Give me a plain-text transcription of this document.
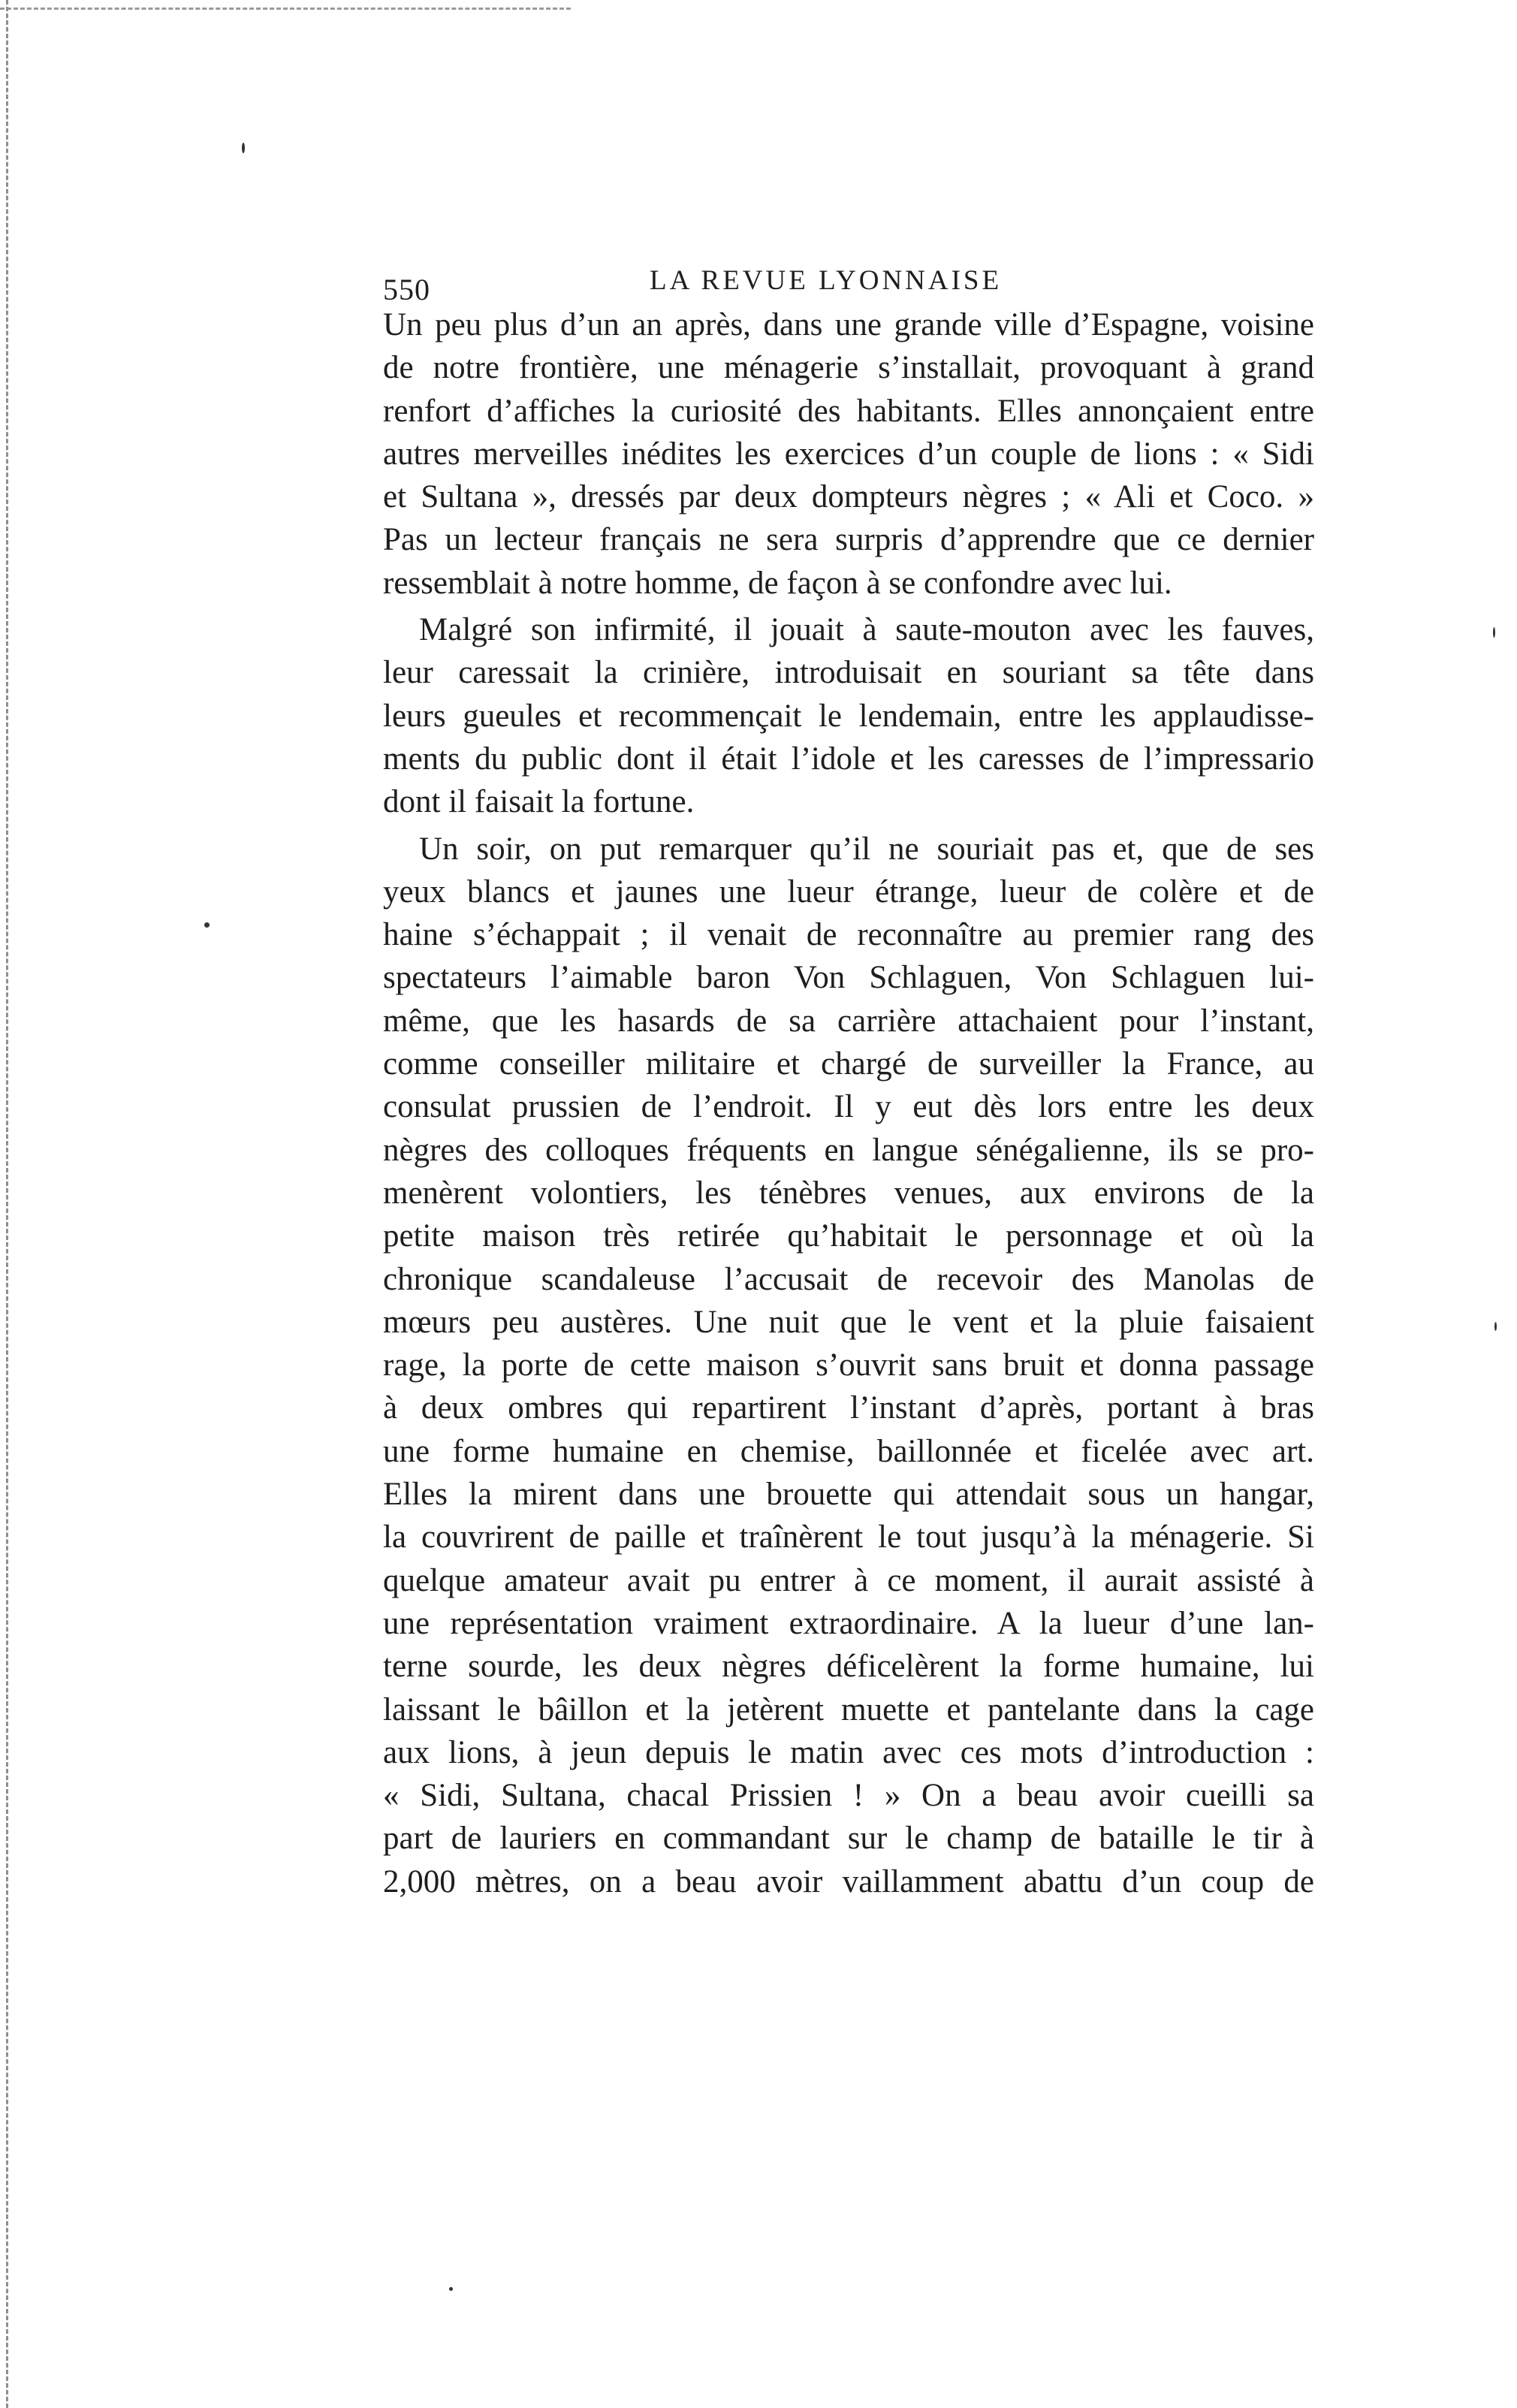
550	LA REVUE LYONNAISE

Un peu plus d’un an après, dans une grande ville d’Espagne, voisine
de notre frontière, une ménagerie s’installait, provoquant à grand
renfort d’affiches la curiosité des habitants. Elles annonçaient entre
autres merveilles inédites les exercices d’un couple de lions : « Sidi
et Sultana », dressés par deux dompteurs nègres ; « Ali et Coco. »
Pas un lecteur français ne sera surpris d’apprendre que ce dernier
ressemblait à notre homme, de façon à se confondre avec lui.

Malgré son infirmité, il jouait à saute-mouton avec les fauves,
leur caressait la crinière, introduisait en souriant sa tête dans
leurs gueules et recommençait le lendemain, entre les applaudisse-
ments du public dont il était l’idole et les caresses de l’impressario
dont il faisait la fortune.

Un soir, on put remarquer qu’il ne souriait pas et, que de ses
yeux blancs et jaunes une lueur étrange, lueur de colère et de
haine s’échappait ; il venait de reconnaître au premier rang des
spectateurs l’aimable baron Von Schlaguen, Von Schlaguen lui-
même, que les hasards de sa carrière attachaient pour l’instant,
comme conseiller militaire et chargé de surveiller la France, au
consulat prussien de l’endroit. Il y eut dès lors entre les deux
nègres des colloques fréquents en langue sénégalienne, ils se pro-
menèrent volontiers, les ténèbres venues, aux environs de la
petite maison très retirée qu’habitait le personnage et où la
chronique scandaleuse l’accusait de recevoir des Manolas de
mœurs peu austères. Une nuit que le vent et la pluie faisaient
rage, la porte de cette maison s’ouvrit sans bruit et donna passage
à deux ombres qui repartirent l’instant d’après, portant à bras
une forme humaine en chemise, baillonnée et ficelée avec art.
Elles la mirent dans une brouette qui attendait sous un hangar,
la couvrirent de paille et traînèrent le tout jusqu’à la ménagerie. Si
quelque amateur avait pu entrer à ce moment, il aurait assisté à
une représentation vraiment extraordinaire. A la lueur d’une lan-
terne sourde, les deux nègres déficelèrent la forme humaine, lui
laissant le bâillon et la jetèrent muette et pantelante dans la cage
aux lions, à jeun depuis le matin avec ces mots d’introduction :
« Sidi, Sultana, chacal Prissien ! » On a beau avoir cueilli sa
part de lauriers en commandant sur le champ de bataille le tir à
2,000 mètres, on a beau avoir vaillamment abattu d’un coup de
